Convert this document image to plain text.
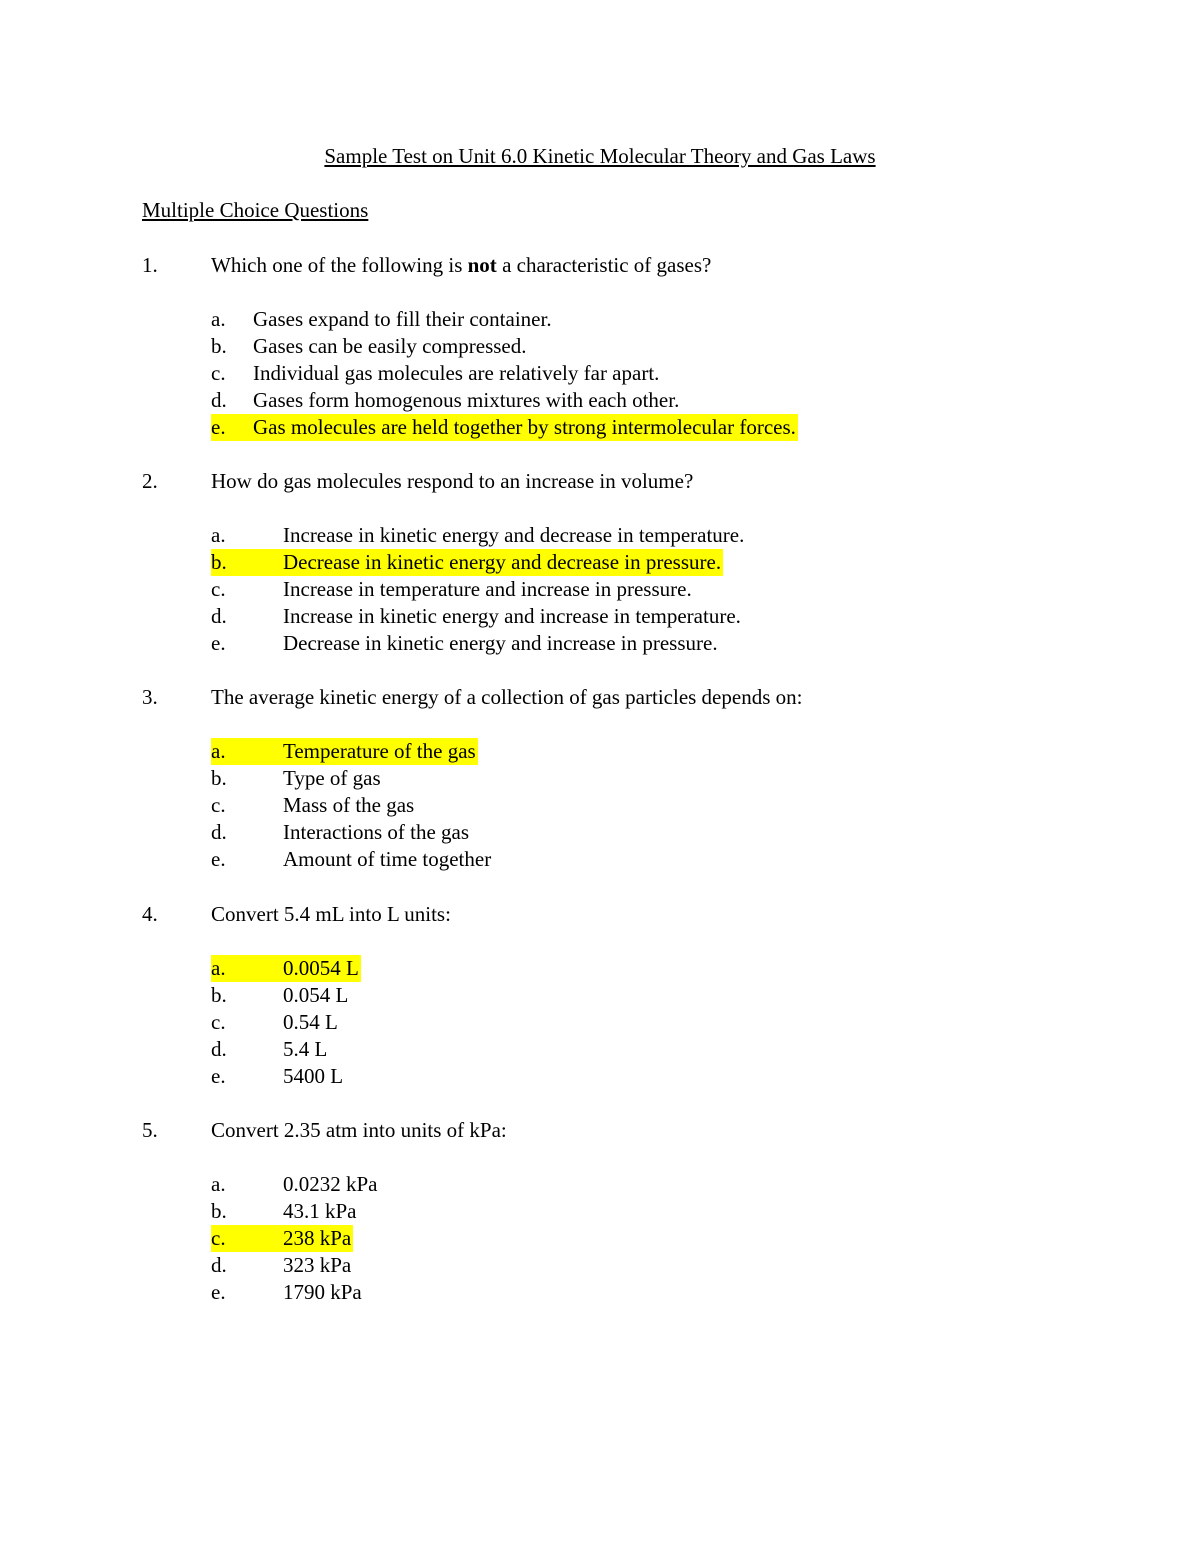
Sample Test on Unit 6.0 Kinetic Molecular Theory and Gas Laws
Multiple Choice Questions
1.	Which one of the following is not a characteristic of gases?
a. Gases expand to fill their container.
b. Gases can be easily compressed.
c. Individual gas molecules are relatively far apart.
d. Gases form homogenous mixtures with each other.
e. Gas molecules are held together by strong intermolecular forces.
2.	How do gas molecules respond to an increase in volume?
a.	Increase in kinetic energy and decrease in temperature.
b.	Decrease in kinetic energy and decrease in pressure.
c.	Increase in temperature and increase in pressure.
d.	Increase in kinetic energy and increase in temperature.
e.	Decrease in kinetic energy and increase in pressure.
3.	The average kinetic energy of a collection of gas particles depends on:
a.	Temperature of the gas
b.	Type of gas
c.	Mass of the gas
d.	Interactions of the gas
e.	Amount of time together
4.	Convert 5.4 mL into L units:
a.	0.0054 L
b.	0.054 L
c.	0.54 L
d.	5.4 L
e.	5400 L
5.	Convert 2.35 atm into units of kPa:
a.	0.0232 kPa
b.	43.1 kPa
c.	238 kPa
d.	323 kPa
e.	1790 kPa
